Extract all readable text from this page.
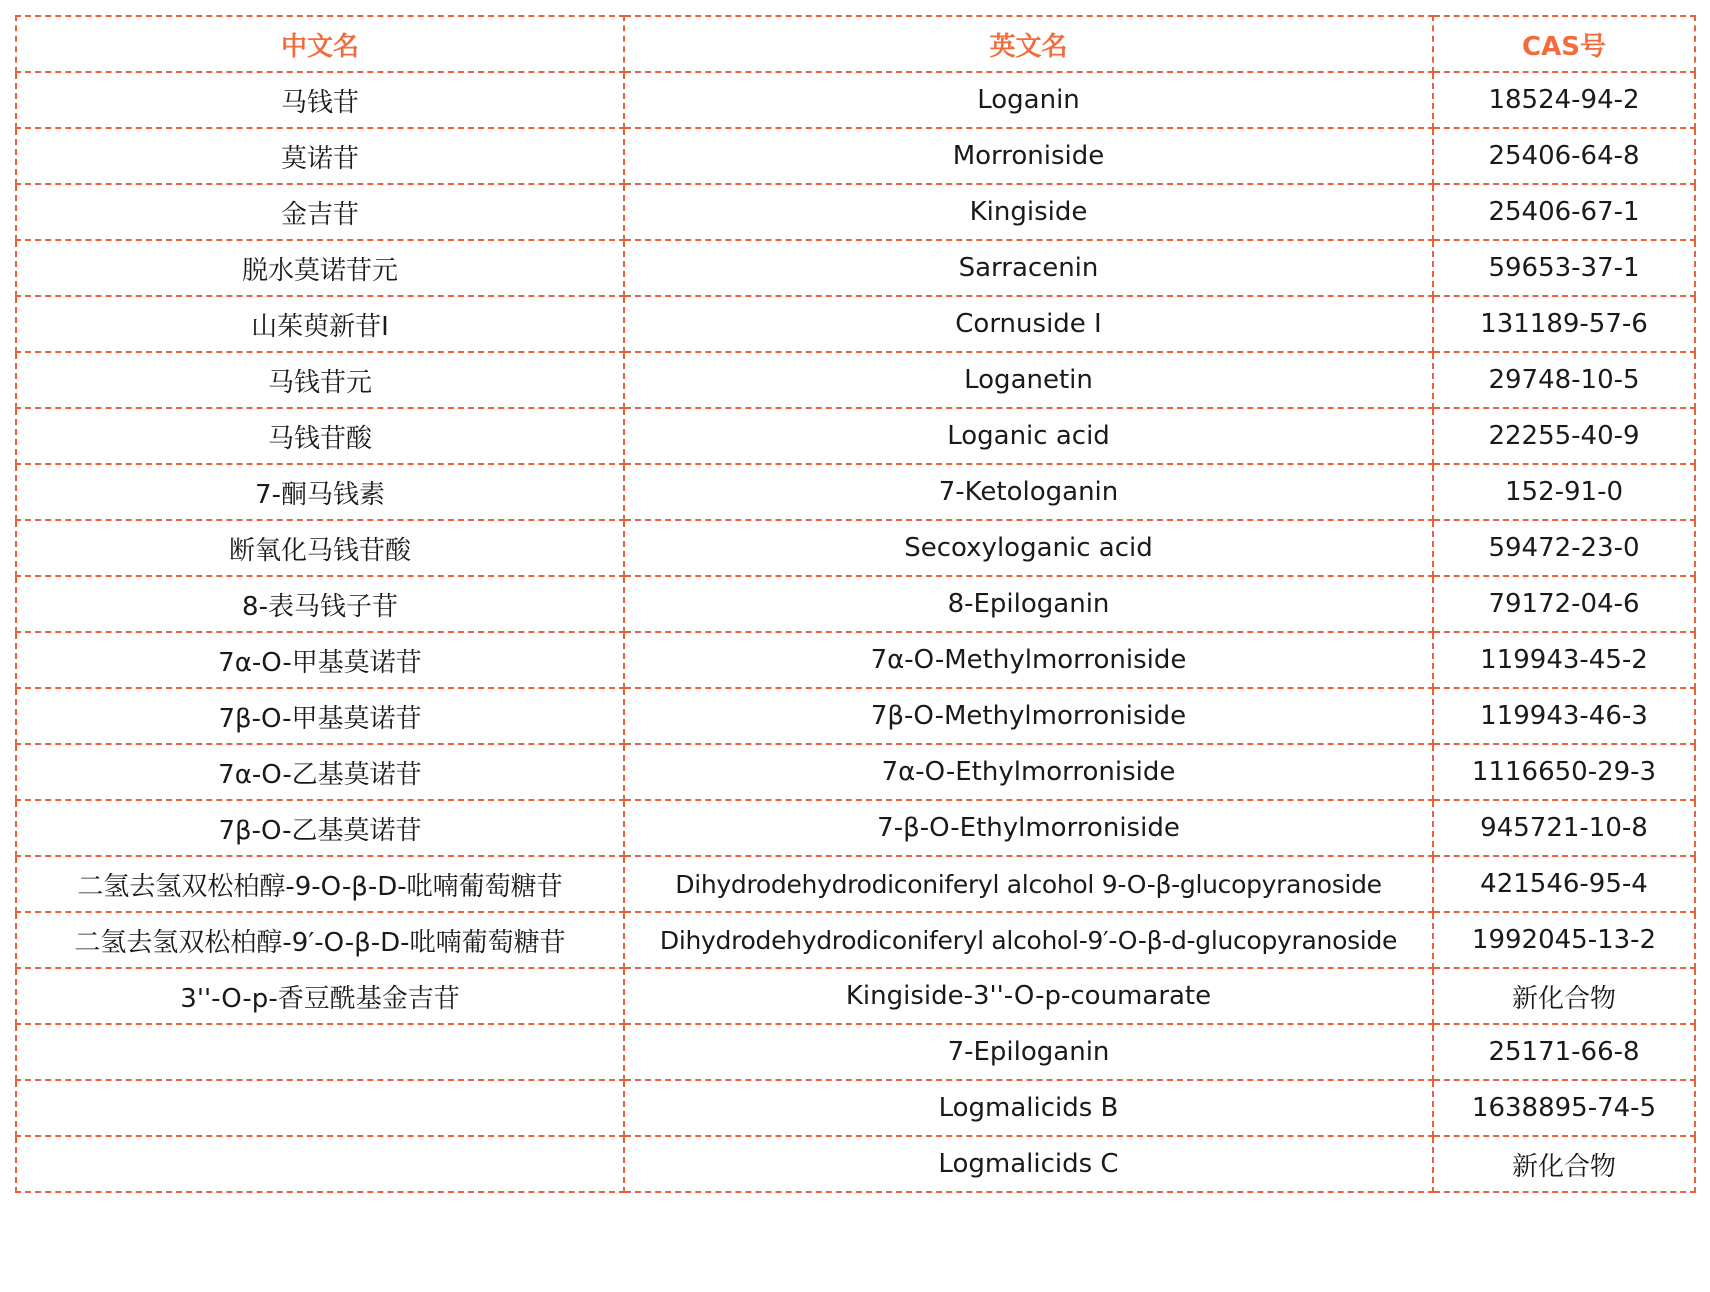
中文名	英文名	CAS号
马钱苷	Loganin	18524-94-2
莫诺苷	Morroniside	25406-64-8
金吉苷	Kingiside	25406-67-1
脱水莫诺苷元	Sarracenin	59653-37-1
山茱萸新苷I	Cornuside I	131189-57-6
马钱苷元	Loganetin	29748-10-5
马钱苷酸	Loganic acid	22255-40-9
7-酮马钱素	7-Ketologanin	152-91-0
断氧化马钱苷酸	Secoxyloganic acid	59472-23-0
8-表马钱子苷	8-Epiloganin	79172-04-6
7α-O-甲基莫诺苷	7α-O-Methylmorroniside	119943-45-2
7β-O-甲基莫诺苷	7β-O-Methylmorroniside	119943-46-3
7α-O-乙基莫诺苷	7α-O-Ethylmorroniside	1116650-29-3
7β-O-乙基莫诺苷	7-β-O-Ethylmorroniside	945721-10-8
二氢去氢双松柏醇-9-O-β-D-吡喃葡萄糖苷	Dihydrodehydrodiconiferyl alcohol 9-O-β-glucopyranoside	421546-95-4
二氢去氢双松柏醇-9′-O-β-D-吡喃葡萄糖苷	Dihydrodehydrodiconiferyl alcohol-9′-O-β-d-glucopyranoside	1992045-13-2
3''-O-p-香豆酰基金吉苷	Kingiside-3''-O-p-coumarate	新化合物
	7-Epiloganin	25171-66-8
	Logmalicids B	1638895-74-5
	Logmalicids C	新化合物
